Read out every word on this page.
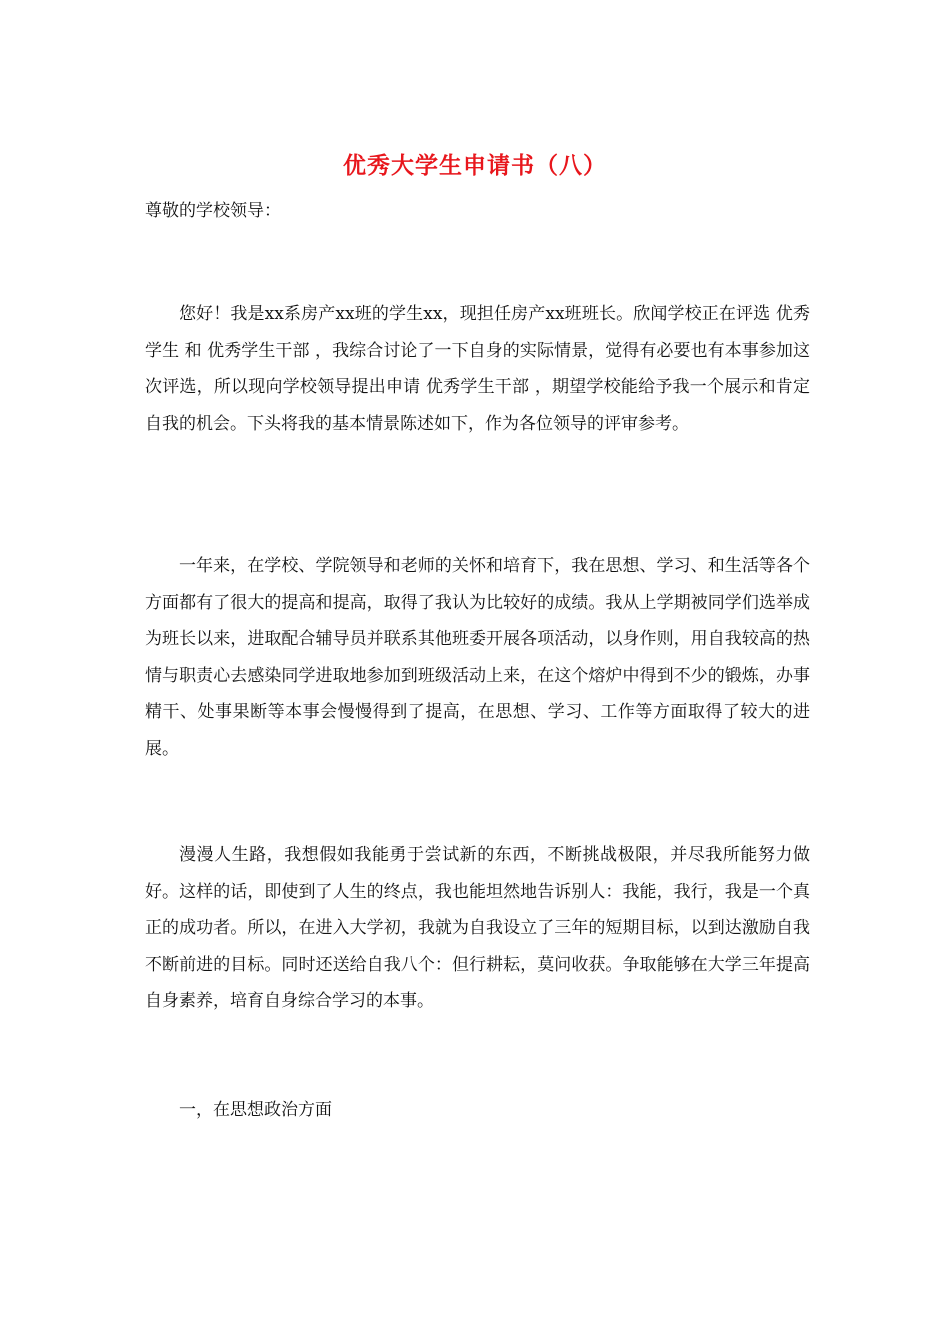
优秀大学生申请书（八）
尊敬的学校领导：

您好！我是xx系房产xx班的学生xx，现担任房产xx班班长。欣闻学校正在评选 优秀学生 和 优秀学生干部 ，我综合讨论了一下自身的实际情景，觉得有必要也有本事参加这次评选，所以现向学校领导提出申请 优秀学生干部 ，期望学校能给予我一个展示和肯定自我的机会。下头将我的基本情景陈述如下，作为各位领导的评审参考。

一年来，在学校、学院领导和老师的关怀和培育下，我在思想、学习、和生活等各个方面都有了很大的提高和提高，取得了我认为比较好的成绩。我从上学期被同学们选举成为班长以来，进取配合辅导员并联系其他班委开展各项活动，以身作则，用自我较高的热情与职责心去感染同学进取地参加到班级活动上来，在这个熔炉中得到不少的锻炼，办事精干、处事果断等本事会慢慢得到了提高，在思想、学习、工作等方面取得了较大的进展。

漫漫人生路，我想假如我能勇于尝试新的东西，不断挑战极限，并尽我所能努力做好。这样的话，即使到了人生的终点，我也能坦然地告诉别人：我能，我行，我是一个真正的成功者。所以，在进入大学初，我就为自我设立了三年的短期目标，以到达激励自我不断前进的目标。同时还送给自我八个：但行耕耘，莫问收获。争取能够在大学三年提高自身素养，培育自身综合学习的本事。

一，在思想政治方面
